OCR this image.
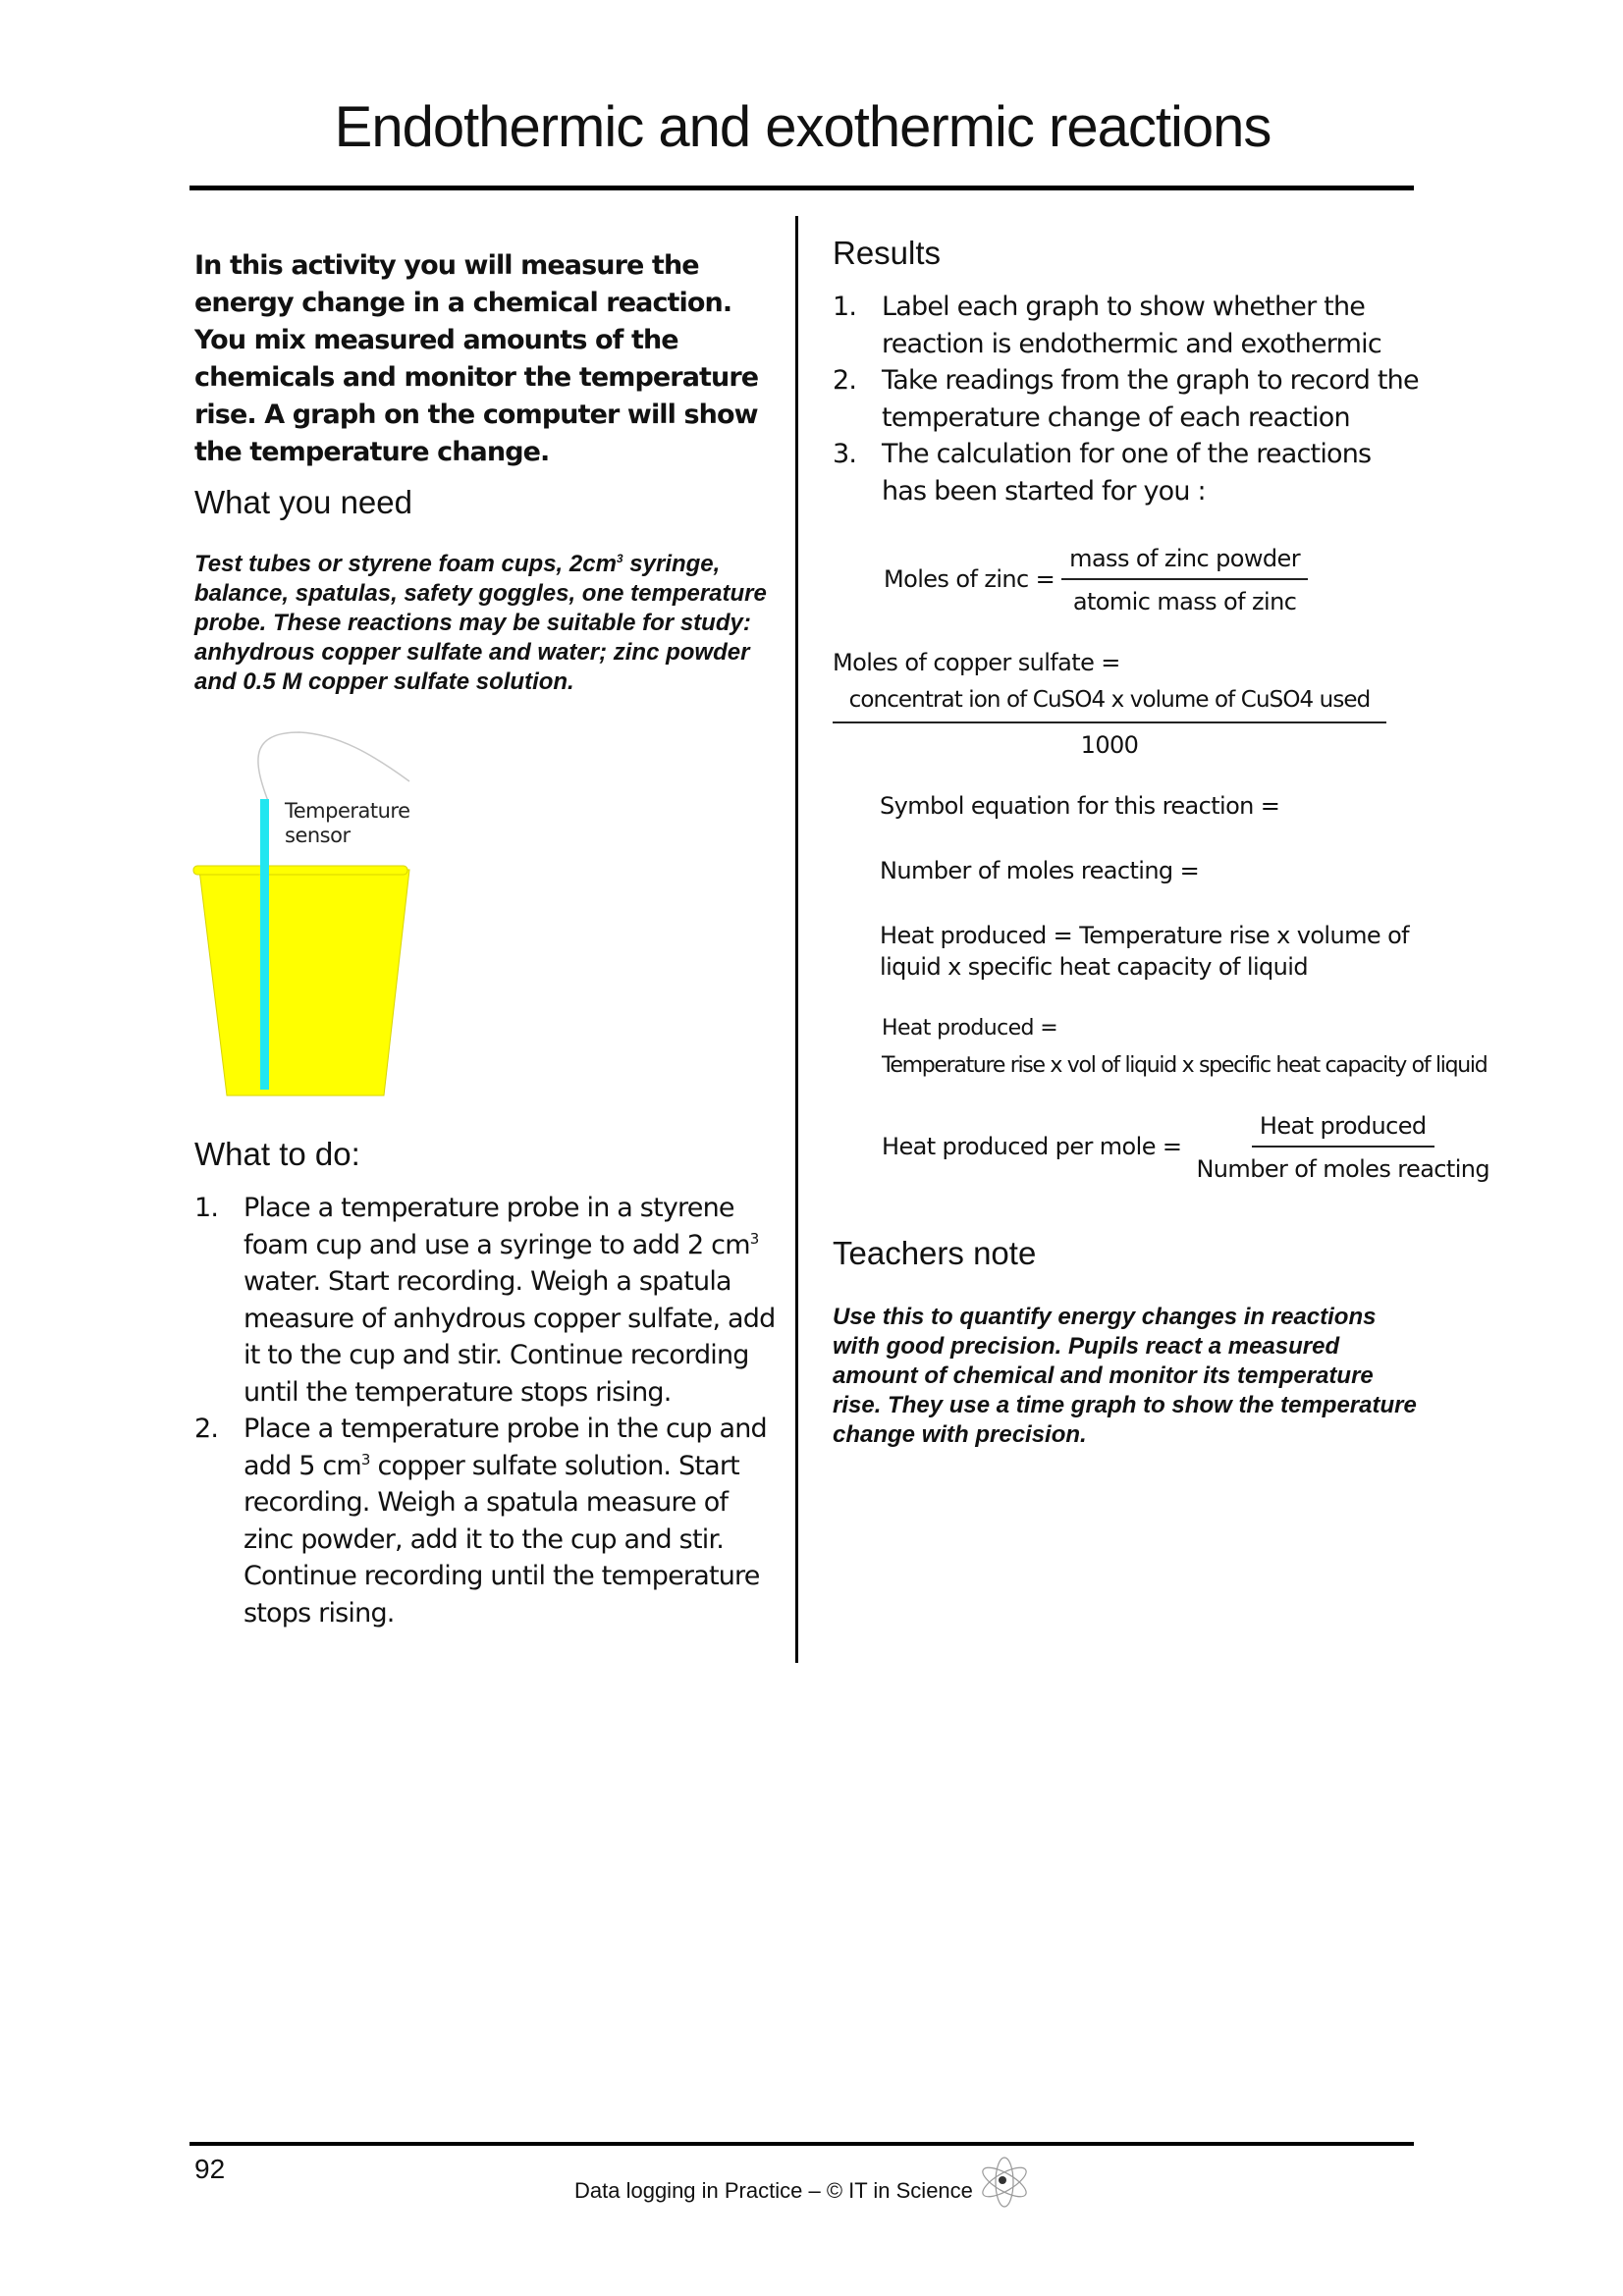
Endothermic and exothermic reactions
In this activity you will measure the energy change in a chemical reaction. You mix measured amounts of the chemicals and monitor the temperature rise. A graph on the computer will show the temperature change.
What you need
Test tubes or styrene foam cups, $2cm^3$ syringe, balance, spatulas, safety goggles, one temperature probe. These reactions may be suitable for study: anhydrous copper sulfate and water; zinc powder and 0.5 M copper sulfate solution.
Temperature
sensor
What to do:
1. Place a temperature probe in a styrene foam cup and use a syringe to add 2 $cm^3$ water. Start recording. Weigh a spatula measure of anhydrous copper sulfate, add it to the cup and stir. Continue recording until the temperature stops rising.
2. Place a temperature probe in the cup and add 5 $cm^3$ copper sulfate solution. Start recording. Weigh a spatula measure of zinc powder, add it to the cup and stir. Continue recording until the temperature stops rising.
Results
1. Label each graph to show whether the reaction is endothermic and exothermic
2. Take readings from the graph to record the temperature change of each reaction
3. The calculation for one of the reactions has been started for you :
Moles of zinc = $\frac{\text{mass of zinc powder}}{\text{atomic mass of zinc}}$
Moles of copper sulfate =
$\frac{\text{concentrat ion of CuSO4 x volume of CuSO4 used}}{1000}$
Symbol equation for this reaction =
Number of moles reacting =
Heat produced = Temperature rise x volume of liquid x specific heat capacity of liquid
Heat produced =
Temperature rise x vol of liquid x specific heat capacity of liquid
Heat produced per mole = $\frac{\text{Heat produced}}{\text{Number of moles reacting}}$
Teachers note
Use this to quantify energy changes in reactions with good precision. Pupils react a measured amount of chemical and monitor its temperature rise. They use a time graph to show the temperature change with precision.
92
Data logging in Practice – © IT in Science
